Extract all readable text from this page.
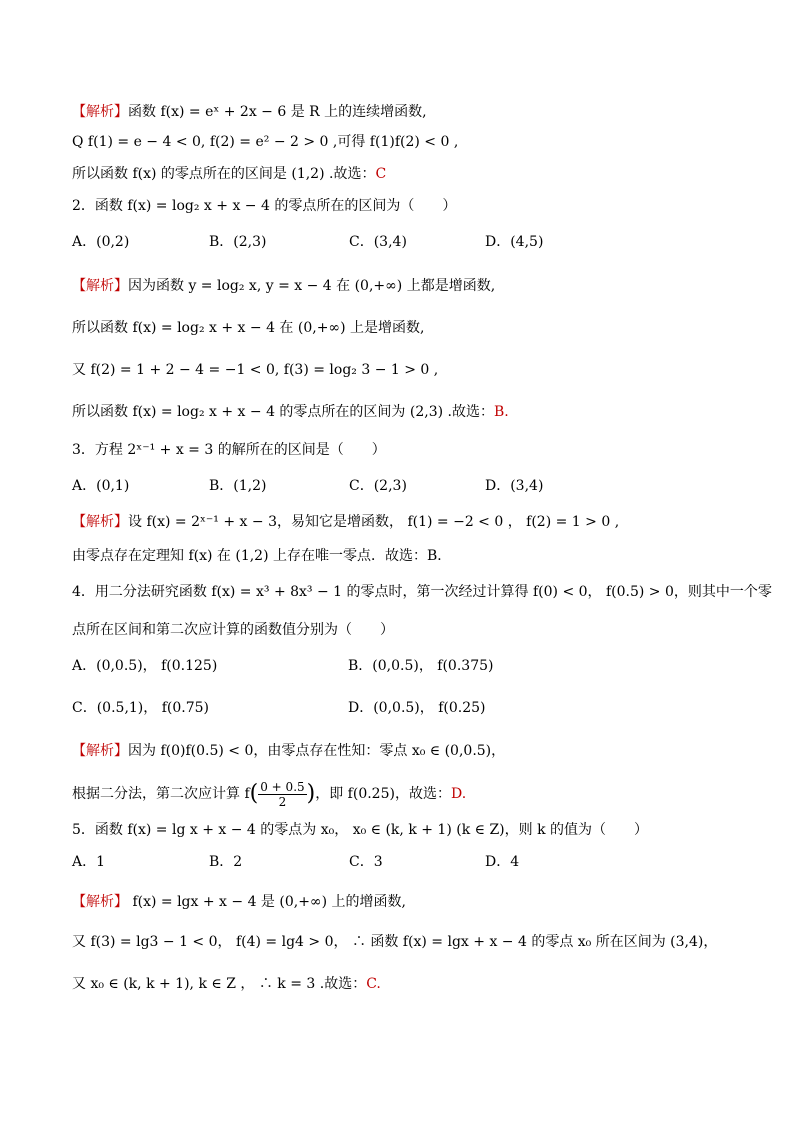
【解析】函数 f(x) = eˣ + 2x − 6 是 R 上的连续增函数,
Q f(1) = e − 4 < 0, f(2) = e² − 2 > 0 ,可得 f(1)f(2) < 0 ,
所以函数 f(x) 的零点所在的区间是 (1,2) .故选：C
2．函数 f(x) = log₂ x + x − 4 的零点所在的区间为（　　）
A．(0,2)	B．(2,3)	C．(3,4)	D．(4,5)
【解析】因为函数 y = log₂ x, y = x − 4 在 (0,+∞) 上都是增函数,
所以函数 f(x) = log₂ x + x − 4 在 (0,+∞) 上是增函数,
又 f(2) = 1 + 2 − 4 = −1 < 0, f(3) = log₂ 3 − 1 > 0 ,
所以函数 f(x) = log₂ x + x − 4 的零点所在的区间为 (2,3) .故选：B.
3．方程 2ˣ⁻¹ + x = 3 的解所在的区间是（　　）
A．(0,1)	B．(1,2)	C．(2,3)	D．(3,4)
【解析】设 f(x) = 2ˣ⁻¹ + x − 3，易知它是增函数， f(1) = −2 < 0 ， f(2) = 1 > 0 ,
由零点存在定理知 f(x) 在 (1,2) 上存在唯一零点．故选：B．
4．用二分法研究函数 f(x) = x³ + 8x³ − 1 的零点时，第一次经过计算得 f(0) < 0， f(0.5) > 0，则其中一个零
点所在区间和第二次应计算的函数值分别为（　　）
A．(0,0.5)， f(0.125)	B．(0,0.5)， f(0.375)
C．(0.5,1)， f(0.75)	D．(0,0.5)， f(0.25)
【解析】因为 f(0)f(0.5) < 0，由零点存在性知：零点 x₀ ∈ (0,0.5)，
根据二分法，第二次应计算 $f( \frac{0 + 0.5}{2}$ )，即 f(0.25)，故选：D.
5．函数 f(x) = lg x + x − 4 的零点为 x₀， x₀ ∈ (k, k + 1) (k ∈ Z)，则 k 的值为（　　）
A．1	B．2	C．3	D．4
【解析】 f(x) = lgx + x − 4 是 (0,+∞) 上的增函数,
又 f(3) = lg3 − 1 < 0， f(4) = lg4 > 0， ∴ 函数 f(x) = lgx + x − 4 的零点 x₀ 所在区间为 (3,4)，
又 x₀ ∈ (k, k + 1), k ∈ Z ， ∴ k = 3 .故选：C.
